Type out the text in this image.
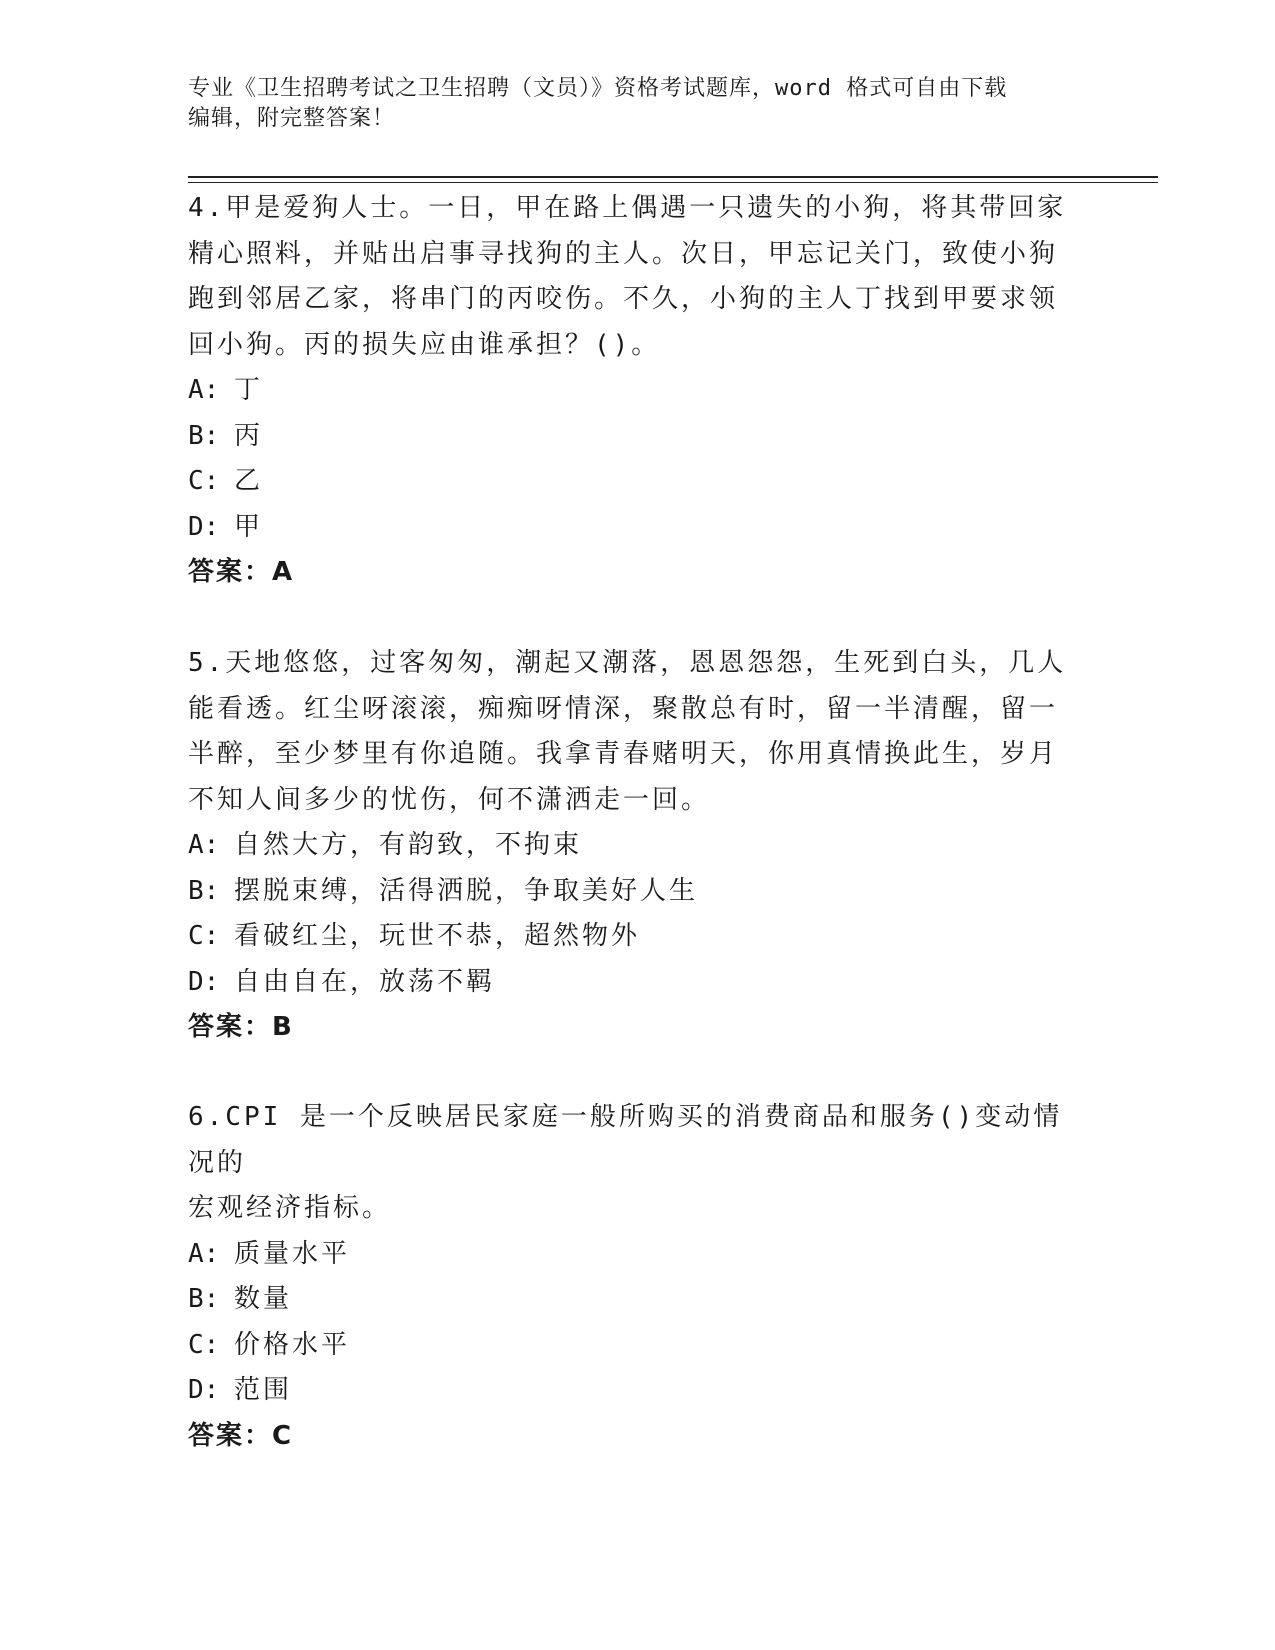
专业《卫生招聘考试之卫生招聘（文员）》资格考试题库，word 格式可自由下载
编辑，附完整答案！

4.甲是爱狗人士。一日，甲在路上偶遇一只遗失的小狗，将其带回家

精心照料，并贴出启事寻找狗的主人。次日，甲忘记关门，致使小狗

跑到邻居乙家，将串门的丙咬伤。不久，小狗的主人丁找到甲要求领

回小狗。丙的损失应由谁承担？()。

A: 丁

B: 丙

C: 乙

D: 甲

答案：A

5.天地悠悠，过客匆匆，潮起又潮落，恩恩怨怨，生死到白头，几人

能看透。红尘呀滚滚，痴痴呀情深，聚散总有时，留一半清醒，留一

半醉，至少梦里有你追随。我拿青春赌明天，你用真情换此生，岁月

不知人间多少的忧伤，何不潇洒走一回。

A: 自然大方，有韵致，不拘束

B: 摆脱束缚，活得洒脱，争取美好人生

C: 看破红尘，玩世不恭，超然物外

D: 自由自在，放荡不羁

答案：B

6.CPI 是一个反映居民家庭一般所购买的消费商品和服务()变动情况的

宏观经济指标。

A: 质量水平

B: 数量

C: 价格水平

D: 范围

答案：C
